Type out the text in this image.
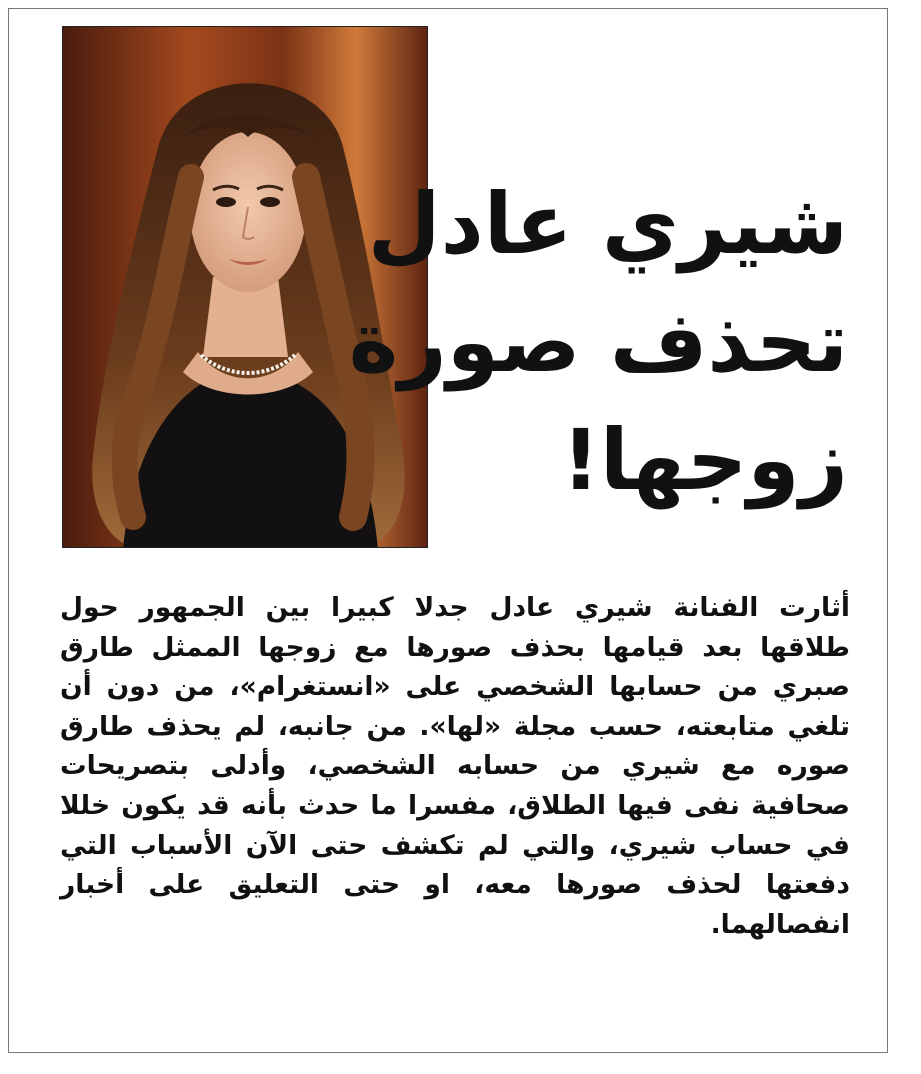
شيري عادل
تحذف صورة
زوجها!

أثارت الفنانة شيري عادل جدلا كبيرا بين الجمهور حول طلاقها بعد قيامها بحذف صورها مع زوجها الممثل طارق صبري من حسابها الشخصي على «انستغرام»، من دون أن تلغي متابعته، حسب مجلة «لها». من جانبه، لم يحذف طارق صوره مع شيري من حسابه الشخصي، وأدلى بتصريحات صحافية نفى فيها الطلاق، مفسرا ما حدث بأنه قد يكون خللا في حساب شيري، والتي لم تكشف حتى الآن الأسباب التي دفعتها لحذف صورها معه، او حتى التعليق على أخبار انفصالهما.
